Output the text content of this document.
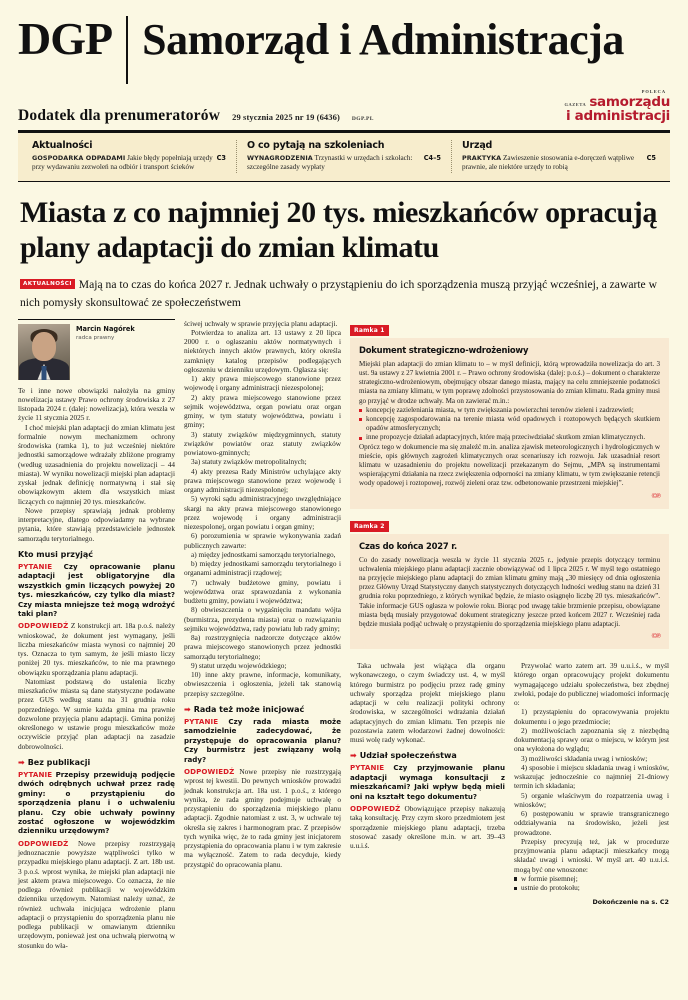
DGP Samorząd i Administracja
Dodatek dla prenumeratorów 29 stycznia 2025 nr 19 (6436) DGP.PL
POLECA
GAZETA samorządu
i administracji
Aktualności

C3
GOSPODARKA ODPADAMI Jakie błędy popełniają urzędy przy wydawaniu zezwoleń na odbiór i transport ścieków

O co pytają na szkoleniach

C4–5
WYNAGRODZENIA Trzynastki w urzędach i szkołach: szczególne zasady wypłaty

Urząd

C5
PRAKTYKA Zawieszenie stosowania e-doręczeń wątpliwe prawnie, ale niektóre urzędy to robią

Miasta z co najmniej 20 tys. mieszkańców opracują plany adaptacji do zmian klimatu
AKTUALNOŚCI Mają na to czas do końca 2027 r. Jednak uchwały o przystąpieniu do ich sporządzenia muszą przyjąć wcześniej, a zawarte w nich pomysły skonsultować ze społeczeństwem
Marcin Nagórek
radca prawny

Te i inne nowe obowiązki nałożyła na gminy nowelizacja ustawy Prawo ochrony środowiska z 27 listopada 2024 r. (dalej: nowelizacja), która weszła w życie 11 stycznia 2025 r.

I choć miejski plan adaptacji do zmian klimatu jest formalnie nowym mechanizmem ochrony środowiska (ramka 1), to już wcześniej niektóre jednostki samorządowe wdrażały zbliżone programy (według uzasadnienia do projektu nowelizacji – 44 miasta). W wyniku nowelizacji miejski plan adaptacji zyskał jednak definicję normatywną i stał się obowiązkowym aktem dla wszystkich miast liczących co najmniej 20 tys. mieszkańców.

Nowe przepisy sprawiają jednak problemy interpretacyjne, dlatego odpowiadamy na wybrane pytania, które stawiają przedstawiciele jednostek samorządu terytorialnego.

Kto musi przyjąć

PYTANIE Czy opracowanie planu adaptacji jest obligatoryjne dla wszystkich gmin liczących powyżej 20 tys. mieszkańców, czy tylko dla miast? Czy miasta mniejsze też mogą wdrożyć taki plan?

ODPOWIEDŹ Z konstrukcji art. 18a p.o.ś. należy wnioskować, że dokument jest wymagany, jeśli liczba mieszkańców miasta wynosi co najmniej 20 tys. Oznacza to tym samym, że jeśli miasto liczy poniżej 20 tys. mieszkańców, to nie ma prawnego obowiązku sporządzania planu adaptacji.

Natomiast podstawą do ustalenia liczby mieszkańców miasta są dane statystyczne podawane przez GUS według stanu na 31 grudnia roku poprzedniego. W sumie każda gmina ma prawnie dozwolone przyjęcia planu adaptacji. Gmina poniżej określonego w ustawie progu mieszkańców może oczywiście przyjąć plan adaptacji na zasadzie dobrowolności.

➡ Bez publikacji

PYTANIE Przepisy przewidują podjęcie dwóch odrębnych uchwał przez radę gminy: o przystąpieniu do sporządzenia planu i o uchwaleniu planu. Czy obie uchwały powinny zostać ogłoszone w wojewódzkim dzienniku urzędowym?

ODPOWIEDŹ Nowe przepisy rozstrzygają jednoznacznie powyższe wątpliwości tylko w przypadku miejskiego planu adaptacji. Z art. 18b ust. 3 p.o.ś. wprost wynika, że miejski plan adaptacji nie jest aktem prawa miejscowego. Co oznacza, że nie podlega również publikacji w wojewódzkim dzienniku urzędowym. Natomiast należy uznać, że również uchwała inicjująca wdrożenie planu adaptacji o przystąpieniu do sporządzenia planu nie podlega publikacji w omawianym dzienniku urzędowym, ponieważ jest ona uchwałą pierwotną w stosunku do wła-

ściwej uchwały w sprawie przyjęcia planu adaptacji.

Potwierdza to analiza art. 13 ustawy z 20 lipca 2000 r. o ogłaszaniu aktów normatywnych i niektórych innych aktów prawnych, który określa zamknięty katalog przepisów podlegających ogłoszeniu w dzienniku urzędowym. Ogłasza się:

1) akty prawa miejscowego stanowione przez wojewodę i organy administracji niezespolonej;

2) akty prawa miejscowego stanowione przez sejmik województwa, organ powiatu oraz organ gminy, w tym statuty województwa, powiatu i gminy;

3) statuty związków międzygminnych, statuty związków powiatów oraz statuty związków powiatowo-gminnych;

3a) statuty związków metropolitalnych;

4) akty prezesa Rady Ministrów uchylające akty prawa miejscowego stanowione przez wojewodę i organy administracji niezespolonej;

5) wyroki sądu administracyjnego uwzględniające skargi na akty prawa miejscowego stanowionego przez wojewodę i organy administracji niezespolonej, organ powiatu i organ gminy;

6) porozumienia w sprawie wykonywania zadań publicznych zawarte:

a) między jednostkami samorządu terytorialnego,

b) między jednostkami samorządu terytorialnego i organami administracji rządowej;

7) uchwały budżetowe gminy, powiatu i województwa oraz sprawozdania z wykonania budżetu gminy, powiatu i województwa;

8) obwieszczenia o wygaśnięciu mandatu wójta (burmistrza, prezydenta miasta) oraz o rozwiązaniu sejmiku województwa, rady powiatu lub rady gminy;

8a) rozstrzygnięcia nadzorcze dotyczące aktów prawa miejscowego stanowionych przez jednostki samorządu terytorialnego;

9) statut urzędu wojewódzkiego;

10) inne akty prawne, informacje, komunikaty, obwieszczenia i ogłoszenia, jeżeli tak stanowią przepisy szczególne.

➡ Rada też może inicjować

PYTANIE Czy rada miasta może samodzielnie zadecydować, że przystępuje do opracowania planu? Czy burmistrz jest związany wolą rady?

ODPOWIEDŹ Nowe przepisy nie rozstrzygają wprost tej kwestii. Do pewnych wniosków prowadzi jednak konstrukcja art. 18a ust. 1 p.o.ś., z którego wynika, że rada gminy podejmuje uchwałę o przystąpieniu do sporządzenia miejskiego planu adaptacji. Zgodnie natomiast z ust. 3, w uchwale tej określa się zakres i harmonogram prac. Z przepisów tych wynika więc, że to rada gminy jest inicjatorem przystąpienia do opracowania planu i w tym zakresie ma wyłączność. Zatem to rada decyduje, kiedy przystąpić do opracowania planu.

Ramka 1
Dokument strategiczno-wdrożeniowy

Miejski plan adaptacji do zmian klimatu to – w myśl definicji, którą wprowadziła nowelizacja do art. 3 ust. 9a ustawy z 27 kwietnia 2001 r. – Prawo ochrony środowiska (dalej: p.o.ś.) – dokument o charakterze strategiczno-wdrożeniowym, obejmujący obszar danego miasta, mający na celu zmniejszenie podatności miasta na zmiany klimatu, w tym poprawę zdolności przystosowania do zmian klimatu. Rada gminy musi go przyjąć w drodze uchwały. Ma on zawierać m.in.:

koncepcję zazieleniania miasta, w tym zwiększania powierzchni terenów zieleni i zadrzewień;
koncepcję zagospodarowania na terenie miasta wód opadowych i roztopowych będących skutkiem opadów atmosferycznych;
inne propozycje działań adaptacyjnych, które mają przeciwdziałać skutkom zmian klimatycznych.

Oprócz tego w dokumencie ma się znaleźć m.in. analiza zjawisk meteorologicznych i hydrologicznych w mieście, opis głównych zagrożeń klimatycznych oraz scenariuszy ich rozwoju. Jak uzasadniał resort klimatu w uzasadnieniu do projektu nowelizacji przekazanym do Sejmu, „MPA są instrumentami wspierającymi działania na rzecz zwiększenia odporności na zmiany klimatu, w tym zwiększanie retencji wody opadowej i roztopowej, rozwój zieleni oraz tzw. odbetonowanie przestrzeni miejskiej”.

©℗
Ramka 2
Czas do końca 2027 r.

Co do zasady nowelizacja weszła w życie 11 stycznia 2025 r., jedynie przepis dotyczący terminu uchwalenia miejskiego planu adaptacji zacznie obowiązywać od 1 lipca 2025 r. W myśl tego ostatniego na przyjęcie miejskiego planu adaptacji do zmian klimatu gminy mają „30 miesięcy od dnia ogłoszenia przez Główny Urząd Statystyczny danych statystycznych dotyczących ludności według stanu na dzień 31 grudnia roku poprzedniego, z których wynikać będzie, że miasto osiągnęło liczbę 20 tys. mieszkańców”. Takie informacje GUS ogłasza w połowie roku. Biorąc pod uwagę takie brzmienie przepisu, obowiązane miasta będą musiały przygotować dokument strategiczny jeszcze przed końcem 2027 r. Wcześniej rada będzie musiała podjąć uchwałę o przystąpieniu do sporządzenia miejskiego planu adaptacji.

©℗

Taka uchwała jest wiążąca dla organu wykonawczego, o czym świadczy ust. 4, w myśl którego burmistrz po podjęciu przez radę gminy uchwały sporządza projekt miejskiego planu adaptacji w celu realizacji polityki ochrony środowiska, w szczególności wdrażania działań adaptacyjnych do zmian klimatu. Ten przepis nie pozostawia zatem włodarzowi żadnej dowolności: musi wolę rady wykonać.

➡ Udział społeczeństwa

PYTANIE Czy przyjmowanie planu adaptacji wymaga konsultacji z mieszkańcami? Jaki wpływ będą mieli oni na kształt tego dokumentu?

ODPOWIEDŹ Obowiązujące przepisy nakazują taką konsultację. Przy czym skoro przedmiotem jest sporządzenie miejskiego planu adaptacji, trzeba stosować zasady określone m.in. w art. 39–43 u.u.i.ś.

Przywołać warto zatem art. 39 u.u.i.ś., w myśl którego organ opracowujący projekt dokumentu wymagającego udziału społeczeństwa, bez zbędnej zwłoki, podaje do publicznej wiadomości informację o:

1) przystąpieniu do opracowywania projektu dokumentu i o jego przedmiocie;

2) możliwościach zapoznania się z niezbędną dokumentacją sprawy oraz o miejscu, w którym jest ona wyłożona do wglądu;

3) możliwości składania uwag i wniosków;

4) sposobie i miejscu składania uwag i wniosków, wskazując jednocześnie co najmniej 21-dniowy termin ich składania;

5) organie właściwym do rozpatrzenia uwag i wniosków;

6) postępowaniu w sprawie transgranicznego oddziaływania na środowisko, jeżeli jest prowadzone.

Przepisy precyzują też, jak w procedurze przyjmowania planu adaptacji mieszkańcy mogą składać uwagi i wnioski. W myśl art. 40 u.u.i.ś. mogą być one wnoszone:

w formie pisemnej;
ustnie do protokołu;
Dokończenie na s. C2
